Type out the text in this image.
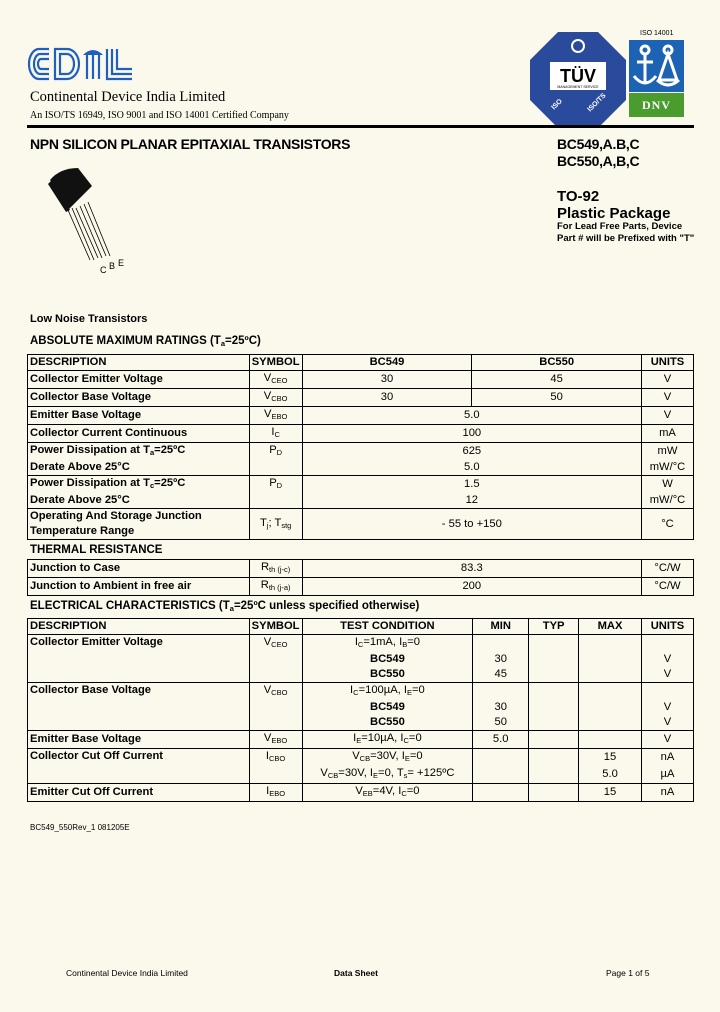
Continental Device India Limited
An ISO/TS 16949, ISO 9001 and ISO 14001 Certified Company
TÜV
MANAGEMENT SERVICE
ISO	ISO/TS
ISO 14001
DNV
NPN SILICON PLANAR EPITAXIAL TRANSISTORS	BC549,A.B,C
BC550,A,B,C
TO-92
Plastic Package
For Lead Free Parts, Device Part # will be Prefixed with "T"
C B E
Low Noise Transistors
ABSOLUTE MAXIMUM RATINGS $(T_a=25ºC)$
DESCRIPTION	SYMBOL	BC549	BC550	UNITS
Collector Emitter Voltage	$V_{CEO}$	30	45	V
Collector Base Voltage	$V_{CBO}$	30	50	V
Emitter Base Voltage	$V_{EBO}$	5.0		V
Collector Current Continuous	$I_C$	100		mA
Power Dissipation at $T_a=25ºC$	$P_D$	625		mW
Derate Above 25°C		5.0		mW/°C
Power Dissipation at $T_c=25ºC$	$P_D$	1.5		W
Derate Above 25°C		12		mW/°C
Operating And Storage Junction Temperature Range	$T_j$; $T_{stg}$	- 55 to +150		°C
THERMAL RESISTANCE
Junction to Case	$R_{th (j-c)}$	83.3	°C/W
Junction to Ambient in free air	$R_{th (j-a)}$	200	°C/W
ELECTRICAL CHARACTERISTICS ($T_a=25ºC$ unless specified otherwise)
DESCRIPTION	SYMBOL	TEST CONDITION	MIN	TYP	MAX	UNITS
Collector Emitter Voltage	$V_{CEO}$	$I_C=1mA$, $I_B=0$				
		BC549	30			V
		BC550	45			V
Collector Base Voltage	$V_{CBO}$	$I_C=100\mu A$, $I_E=0$				
		BC549	30			V
		BC550	50			V
Emitter Base Voltage	$V_{EBO}$	$I_E=10\mu A$, $I_C=0$	5.0			V
Collector Cut Off Current	$I_{CBO}$	$V_{CB}=30V$, $I_E=0$			15	nA
		$V_{CB}=30V$, $I_E=0$, $T_s=$ +125ºC			5.0	µA
Emitter Cut Off Current	$I_{EBO}$	$V_{EB}=4V$, $I_C=0$			15	nA
BC549_550Rev_1 081205E
Continental Device India Limited	Data Sheet	Page 1 of 5
